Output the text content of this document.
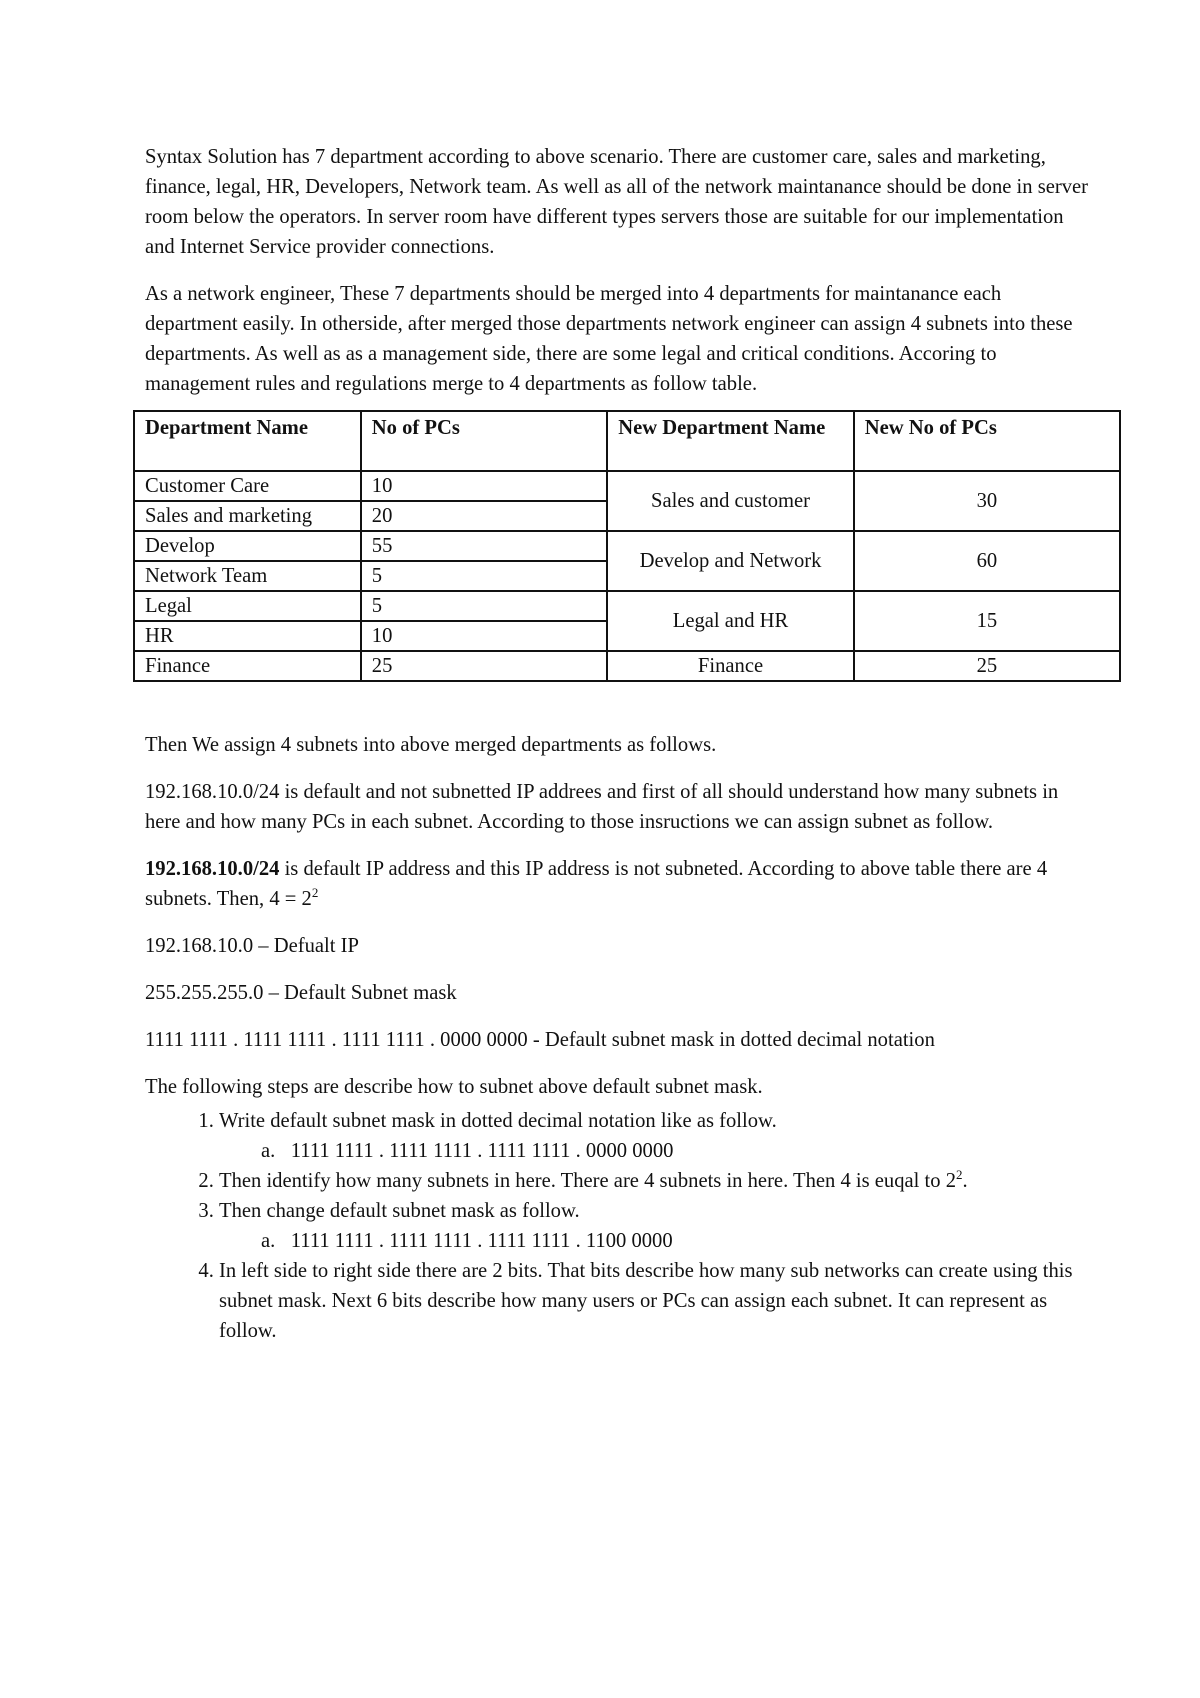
Syntax Solution has 7 department according to above scenario. There are customer care, sales and marketing, finance, legal, HR, Developers, Network team. As well as all of the network maintanance should be done in server room below the operators. In server room have different types servers those are suitable for our implementation and Internet Service provider connections.

As a network engineer, These 7 departments should be merged into 4 departments for maintanance each department easily. In otherside, after merged those departments network engineer can assign 4 subnets into these departments. As well as as a management side, there are some legal and critical conditions. Accoring to management rules and regulations merge to 4 departments as follow table.

Department Name	No of PCs	New Department Name	New No of PCs
Customer Care	10	Sales and customer	30
Sales and marketing	20		
Develop	55	Develop and Network	60
Network Team	5		
Legal	5	Legal and HR	15
HR	10		
Finance	25	Finance	25

Then We assign 4 subnets into above merged departments as follows.

192.168.10.0/24 is default and not subnetted IP addrees and first of all should understand how many subnets in here and how many PCs in each subnet. According to those insructions we can assign subnet as follow.

192.168.10.0/24 is default IP address and this IP address is not subneted. According to above table there are 4 subnets. Then, $4 = 2^2$

192.168.10.0 – Defualt IP

255.255.255.0 – Default Subnet mask

1111 1111 . 1111 1111 . 1111 1111 . 0000 0000 - Default subnet mask in dotted decimal notation

The following steps are describe how to subnet above default subnet mask.

1. Write default subnet mask in dotted decimal notation like as follow.
a. 1111 1111 . 1111 1111 . 1111 1111 . 0000 0000
2. Then identify how many subnets in here. There are 4 subnets in here. Then 4 is euqal to $2^2$.
3. Then change default subnet mask as follow.
a. 1111 1111 . 1111 1111 . 1111 1111 . 1100 0000
4. In left side to right side there are 2 bits. That bits describe how many sub networks can create using this subnet mask. Next 6 bits describe how many users or PCs can assign each subnet. It can represent as follow.
